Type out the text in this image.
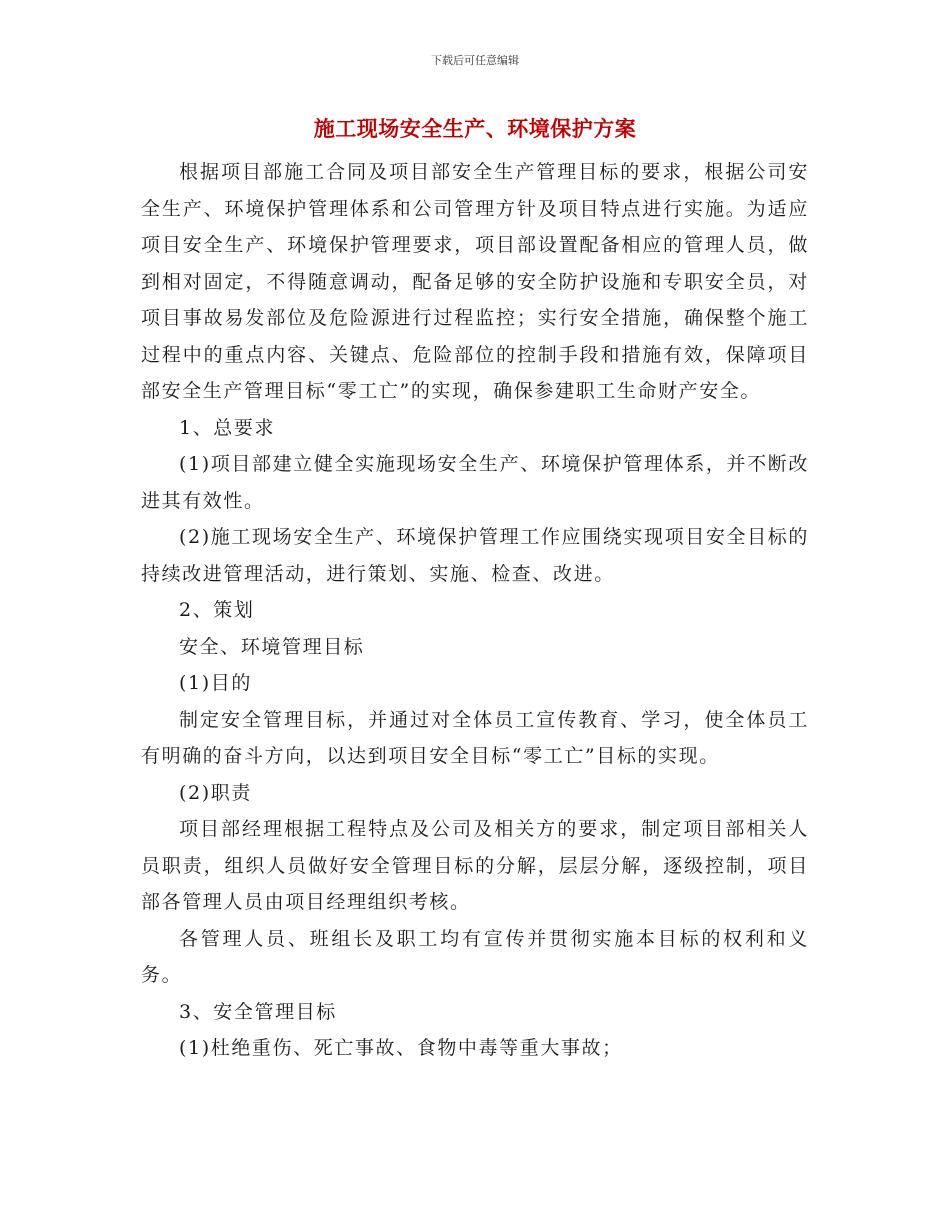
下载后可任意编辑
施工现场安全生产、环境保护方案

根据项目部施工合同及项目部安全生产管理目标的要求，根据公司安全生产、环境保护管理体系和公司管理方针及项目特点进行实施。为适应项目安全生产、环境保护管理要求，项目部设置配备相应的管理人员，做到相对固定，不得随意调动，配备足够的安全防护设施和专职安全员，对项目事故易发部位及危险源进行过程监控；实行安全措施，确保整个施工过程中的重点内容、关键点、危险部位的控制手段和措施有效，保障项目部安全生产管理目标“零工亡”的实现，确保参建职工生命财产安全。

1、总要求

(1)项目部建立健全实施现场安全生产、环境保护管理体系，并不断改进其有效性。

(2)施工现场安全生产、环境保护管理工作应围绕实现项目安全目标的持续改进管理活动，进行策划、实施、检查、改进。

2、策划

安全、环境管理目标

(1)目的

制定安全管理目标，并通过对全体员工宣传教育、学习，使全体员工有明确的奋斗方向，以达到项目安全目标“零工亡”目标的实现。

(2)职责

项目部经理根据工程特点及公司及相关方的要求，制定项目部相关人员职责，组织人员做好安全管理目标的分解，层层分解，逐级控制，项目部各管理人员由项目经理组织考核。

各管理人员、班组长及职工均有宣传并贯彻实施本目标的权利和义务。

3、安全管理目标

(1)杜绝重伤、死亡事故、食物中毒等重大事故；
